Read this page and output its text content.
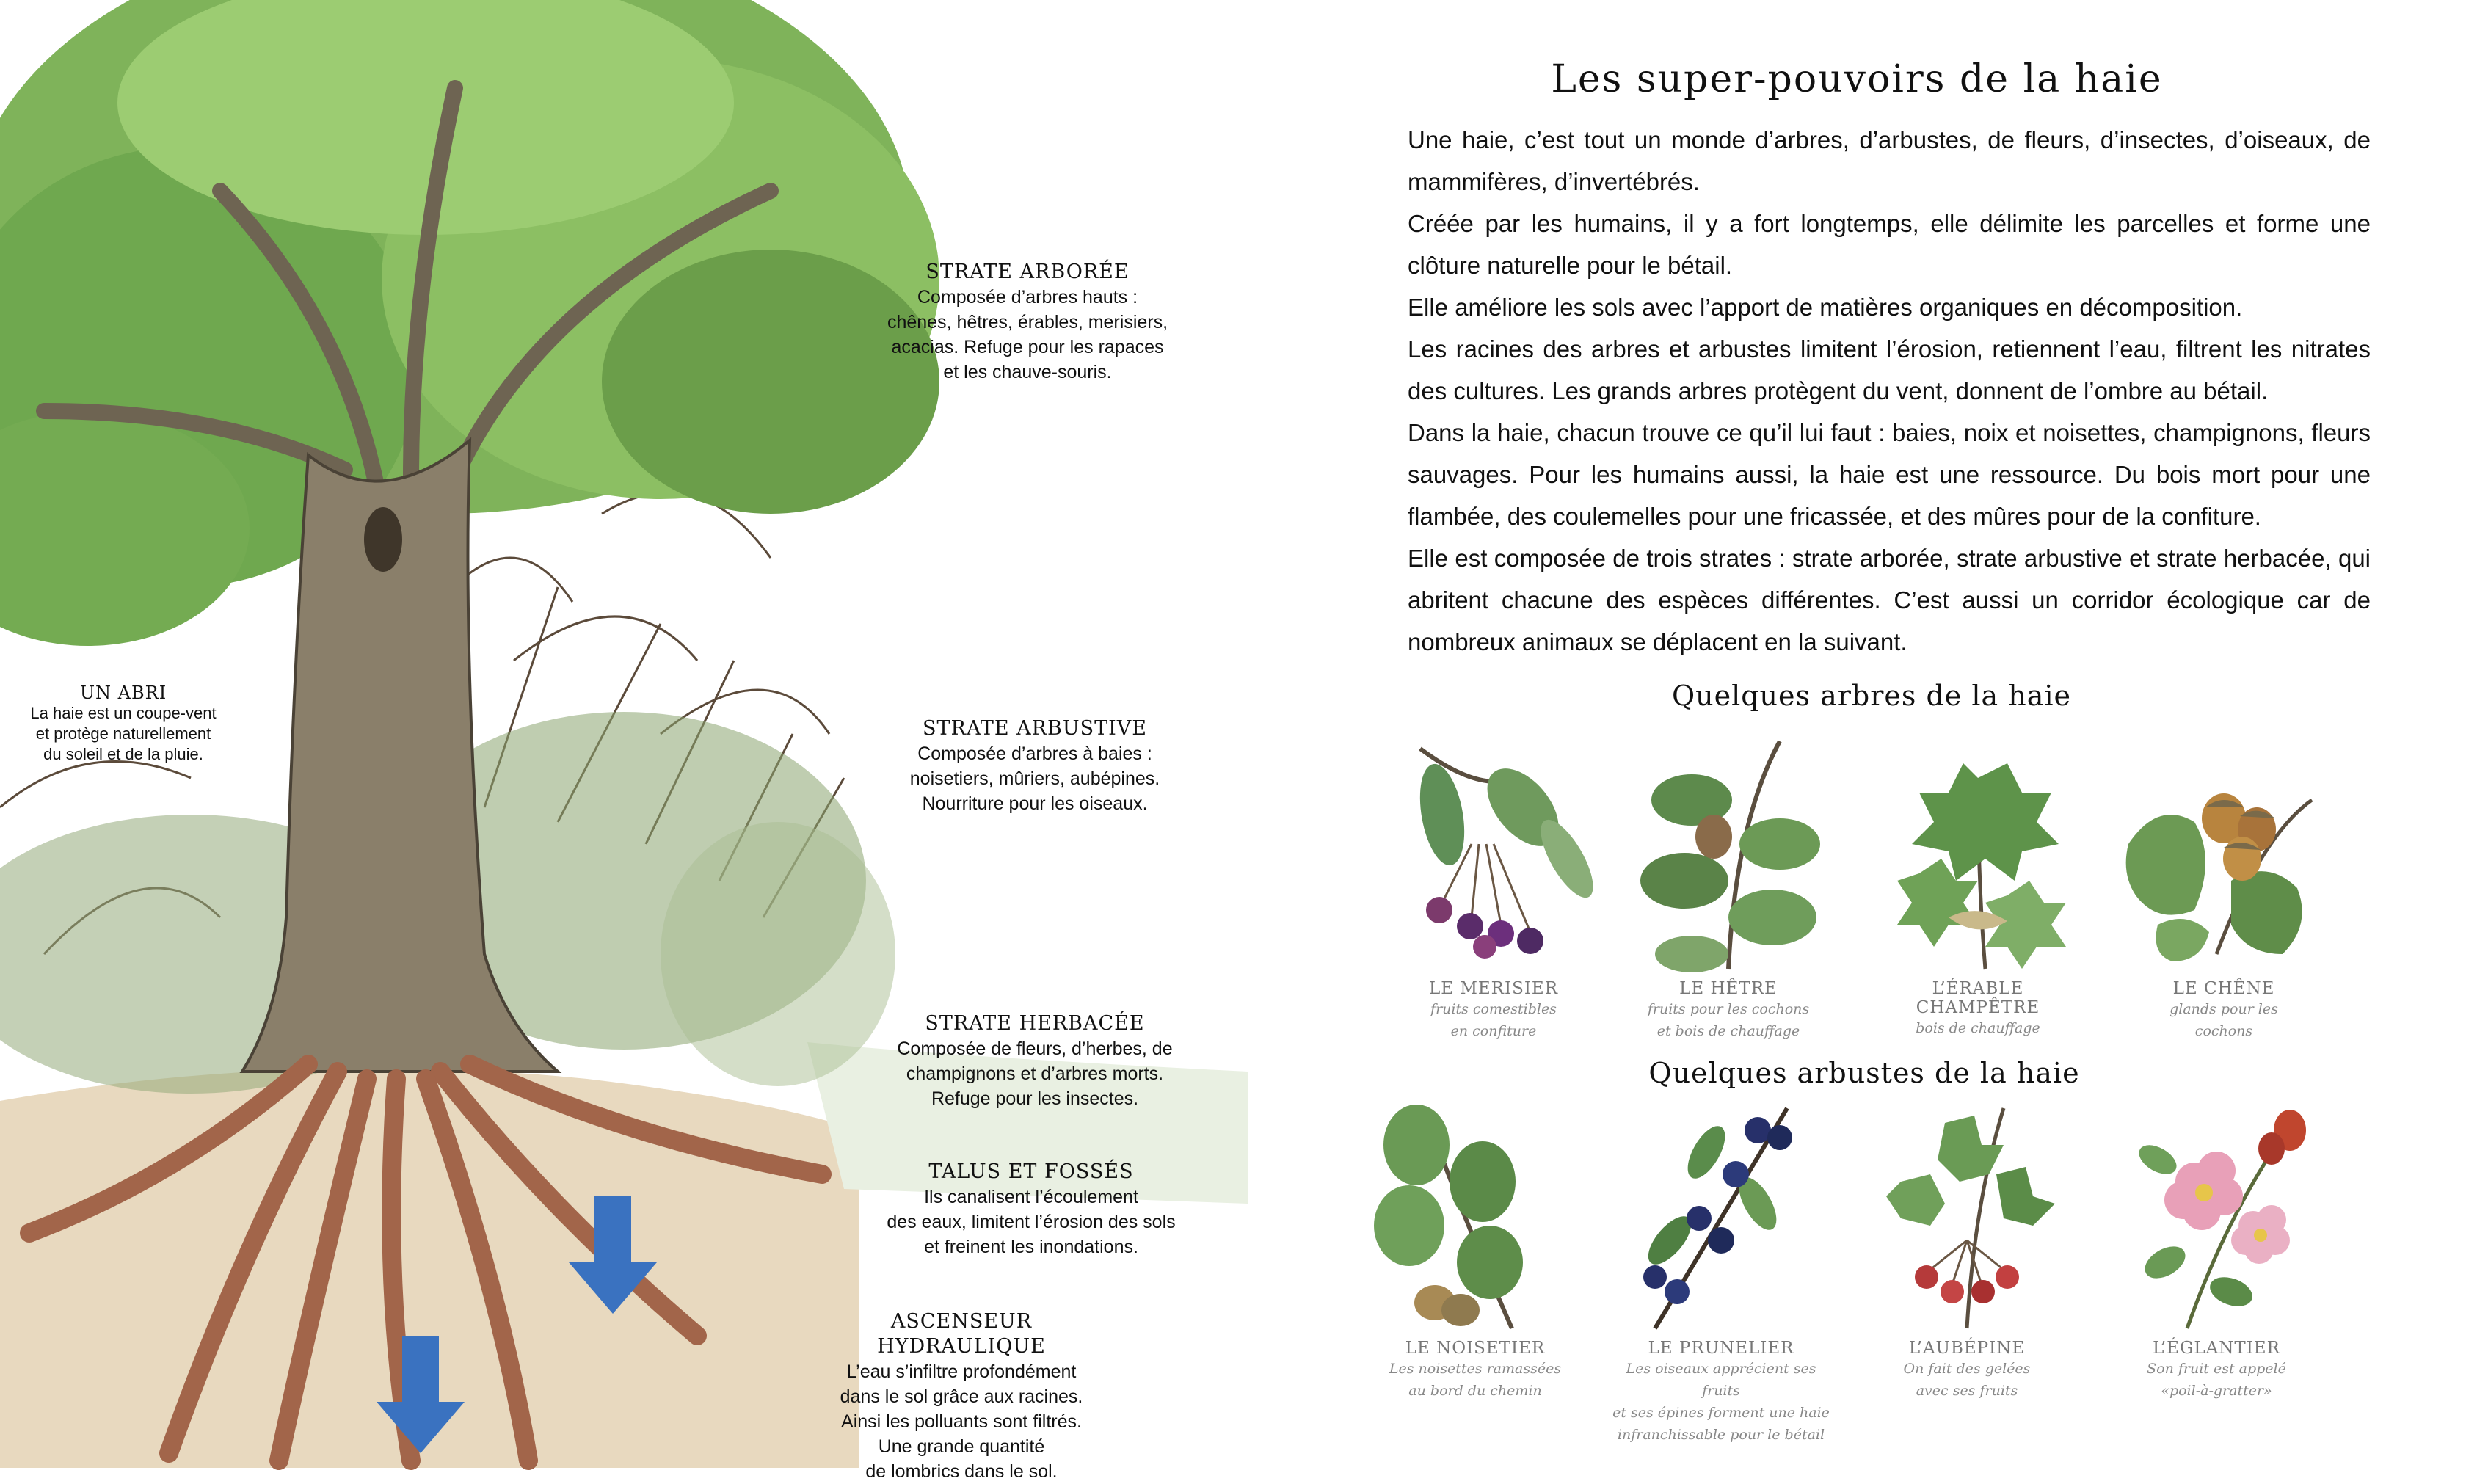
STRATE ARBORÉE
Composée d’arbres hauts :
chênes, hêtres, érables, merisiers,
acacias. Refuge pour les rapaces
et les chauve-souris.
UN ABRI
La haie est un coupe-vent
et protège naturellement
du soleil et de la pluie.
STRATE ARBUSTIVE
Composée d’arbres à baies :
noisetiers, mûriers, aubépines.
Nourriture pour les oiseaux.
STRATE HERBACÉE
Composée de fleurs, d’herbes, de
champignons et d’arbres morts.
Refuge pour les insectes.
TALUS ET FOSSÉS
Ils canalisent l’écoulement
des eaux, limitent l’érosion des sols
et freinent les inondations.
ASCENSEUR HYDRAULIQUE
L’eau s’infiltre profondément
dans le sol grâce aux racines.
Ainsi les polluants sont filtrés.
Une grande quantité
de lombrics dans le sol.
Les super-pouvoirs de la haie

Une haie, c’est tout un monde d’arbres, d’arbustes, de fleurs, d’insectes, d’oiseaux, de mammifères, d’invertébrés.

Créée par les humains, il y a fort longtemps, elle délimite les parcelles et forme une clôture naturelle pour le bétail.

Elle améliore les sols avec l’apport de matières organiques en décomposition.

Les racines des arbres et arbustes limitent l’érosion, retiennent l’eau, filtrent les nitrates des cultures. Les grands arbres protègent du vent, donnent de l’ombre au bétail.

Dans la haie, chacun trouve ce qu’il lui faut : baies, noix et noisettes, champignons, fleurs sauvages. Pour les humains aussi, la haie est une ressource. Du bois mort pour une flambée, des coulemelles pour une fricassée, et des mûres pour de la confiture.

Elle est composée de trois strates : strate arborée, strate arbustive et strate herbacée, qui abritent chacune des espèces différentes. C’est aussi un corridor écologique car de nombreux animaux se déplacent en la suivant.

Quelques arbres de la haie
LE MERISIER
fruits comestibles
en confiture
LE HÊTRE
fruits pour les cochons
et bois de chauffage
L’ÉRABLE CHAMPÊTRE
bois de chauffage
LE CHÊNE
glands pour les
cochons
Quelques arbustes de la haie
LE NOISETIER
Les noisettes ramassées
au bord du chemin
LE PRUNELIER
Les oiseaux apprécient ses fruits
et ses épines forment une haie
infranchissable pour le bétail
L’AUBÉPINE
On fait des gelées
avec ses fruits
L’ÉGLANTIER
Son fruit est appelé
«poil-à-gratter»
